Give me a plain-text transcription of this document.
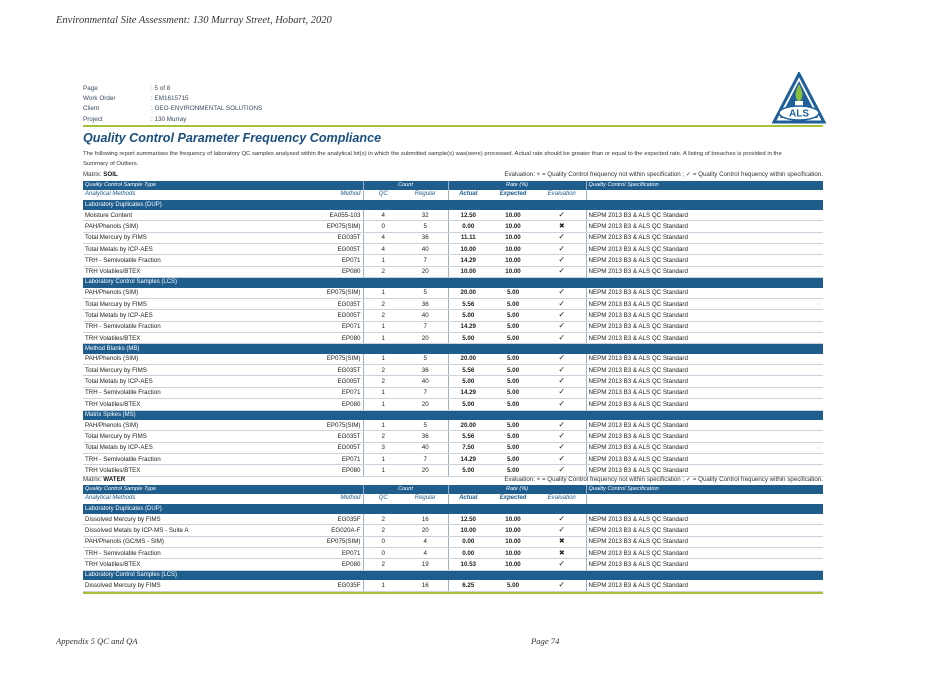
Environmental Site Assessment: 130 Murray Street, Hobart, 2020
Page	: 5 of 8
Work Order	: EM1615715
Client	: GEO-ENVIRONMENTAL SOLUTIONS
Project	: 130 Murray	ALS
Quality Control Parameter Frequency Compliance
The following report summarises the frequency of laboratory QC samples analysed within the analytical lot(s) in which the submitted sample(s) was(were) processed. Actual rate should be greater than or equal to the expected rate. A listing of breaches is provided in the Summary of Outliers.
Matrix: SOIL	Evaluation: × = Quality Control frequency not within specification ; ✓ = Quality Control frequency within specification.
Quality Control Sample Type		Count		Rate (%)			Quality Control Specification
Analytical Methods	Method	QC	Regular	Actual	Expected	Evaluation	
Laboratory Duplicates (DUP)							
Moisture Content	EA055-103	4	32	12.50	10.00	✓	NEPM 2013 B3 & ALS QC Standard
PAH/Phenols (SIM)	EP075(SIM)	0	5	0.00	10.00	✖	NEPM 2013 B3 & ALS QC Standard
Total Mercury by FIMS	EG035T	4	36	11.11	10.00	✓	NEPM 2013 B3 & ALS QC Standard
Total Metals by ICP-AES	EG005T	4	40	10.00	10.00	✓	NEPM 2013 B3 & ALS QC Standard
TRH - Semivolatile Fraction	EP071	1	7	14.29	10.00	✓	NEPM 2013 B3 & ALS QC Standard
TRH Volatiles/BTEX	EP080	2	20	10.00	10.00	✓	NEPM 2013 B3 & ALS QC Standard
Laboratory Control Samples (LCS)							
PAH/Phenols (SIM)	EP075(SIM)	1	5	20.00	5.00	✓	NEPM 2013 B3 & ALS QC Standard
Total Mercury by FIMS	EG035T	2	36	5.56	5.00	✓	NEPM 2013 B3 & ALS QC Standard
Total Metals by ICP-AES	EG005T	2	40	5.00	5.00	✓	NEPM 2013 B3 & ALS QC Standard
TRH - Semivolatile Fraction	EP071	1	7	14.29	5.00	✓	NEPM 2013 B3 & ALS QC Standard
TRH Volatiles/BTEX	EP080	1	20	5.00	5.00	✓	NEPM 2013 B3 & ALS QC Standard
Method Blanks (MB)							
PAH/Phenols (SIM)	EP075(SIM)	1	5	20.00	5.00	✓	NEPM 2013 B3 & ALS QC Standard
Total Mercury by FIMS	EG035T	2	36	5.56	5.00	✓	NEPM 2013 B3 & ALS QC Standard
Total Metals by ICP-AES	EG005T	2	40	5.00	5.00	✓	NEPM 2013 B3 & ALS QC Standard
TRH - Semivolatile Fraction	EP071	1	7	14.29	5.00	✓	NEPM 2013 B3 & ALS QC Standard
TRH Volatiles/BTEX	EP080	1	20	5.00	5.00	✓	NEPM 2013 B3 & ALS QC Standard
Matrix Spikes (MS)							
PAH/Phenols (SIM)	EP075(SIM)	1	5	20.00	5.00	✓	NEPM 2013 B3 & ALS QC Standard
Total Mercury by FIMS	EG035T	2	36	5.56	5.00	✓	NEPM 2013 B3 & ALS QC Standard
Total Metals by ICP-AES	EG005T	3	40	7.50	5.00	✓	NEPM 2013 B3 & ALS QC Standard
TRH - Semivolatile Fraction	EP071	1	7	14.29	5.00	✓	NEPM 2013 B3 & ALS QC Standard
TRH Volatiles/BTEX	EP080	1	20	5.00	5.00	✓	NEPM 2013 B3 & ALS QC Standard
Matrix: WATER	Evaluation: × = Quality Control frequency not within specification ; ✓ = Quality Control frequency within specification.
Quality Control Sample Type		Count		Rate (%)			Quality Control Specification
Analytical Methods	Method	QC	Regular	Actual	Expected	Evaluation	
Laboratory Duplicates (DUP)							
Dissolved Mercury by FIMS	EG035F	2	16	12.50	10.00	✓	NEPM 2013 B3 & ALS QC Standard
Dissolved Metals by ICP-MS - Suite A	EG020A-F	2	20	10.00	10.00	✓	NEPM 2013 B3 & ALS QC Standard
PAH/Phenols (GC/MS - SIM)	EP075(SIM)	0	4	0.00	10.00	✖	NEPM 2013 B3 & ALS QC Standard
TRH - Semivolatile Fraction	EP071	0	4	0.00	10.00	✖	NEPM 2013 B3 & ALS QC Standard
TRH Volatiles/BTEX	EP080	2	19	10.53	10.00	✓	NEPM 2013 B3 & ALS QC Standard
Laboratory Control Samples (LCS)							
Dissolved Mercury by FIMS	EG035F	1	16	6.25	5.00	✓	NEPM 2013 B3 & ALS QC Standard
Appendix 5 QC and QA	Page 74
